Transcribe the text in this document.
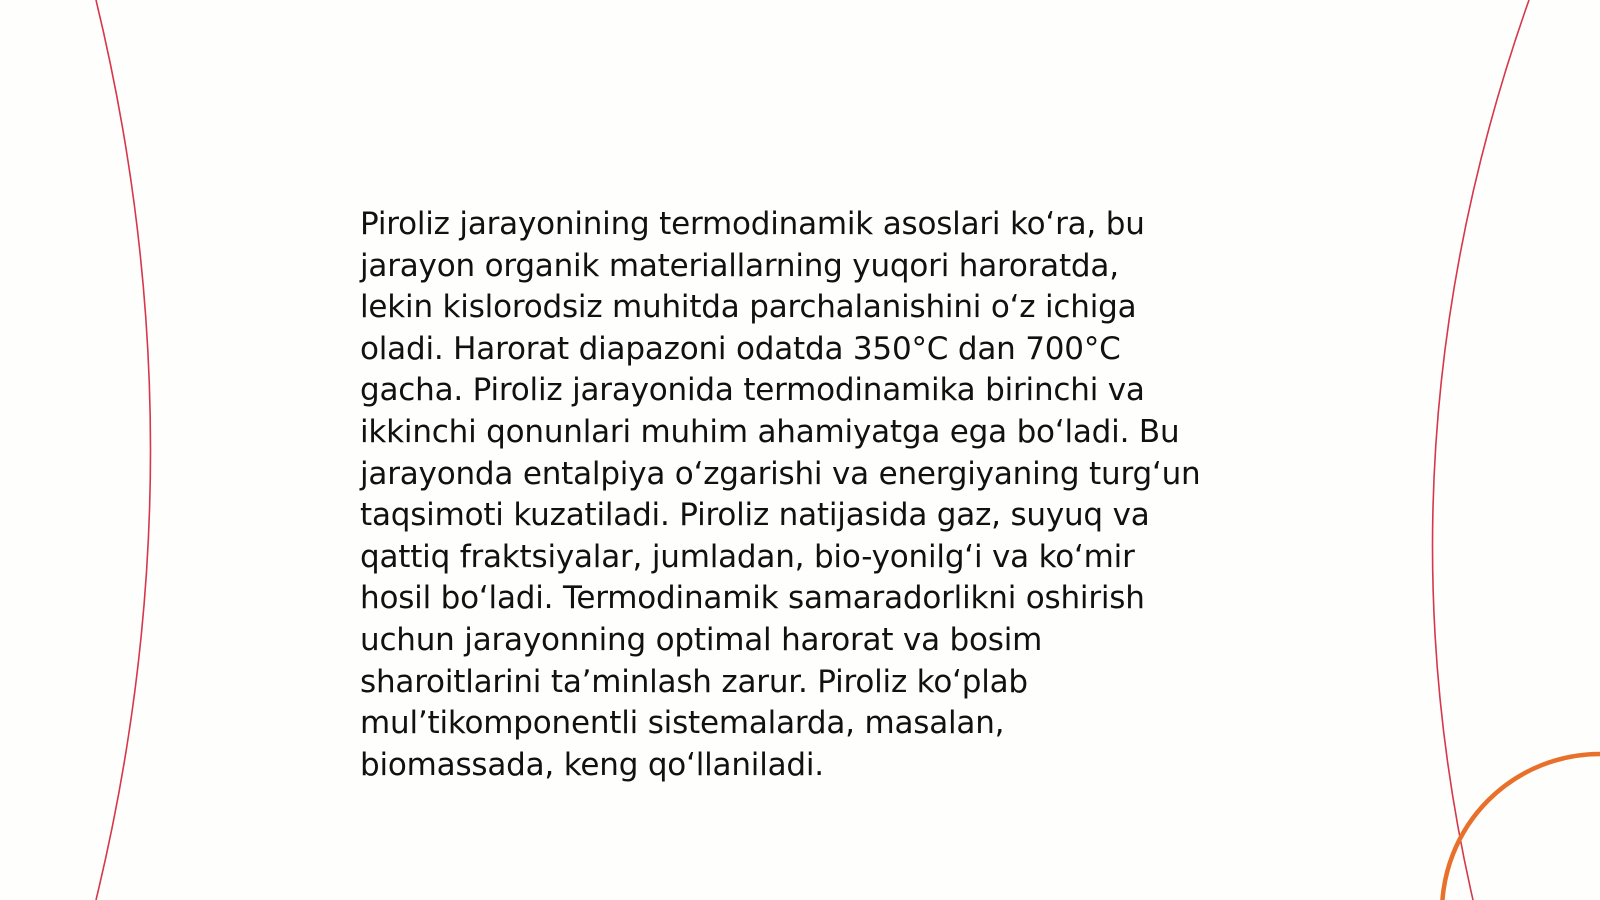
Piroliz jarayonining termodinamik asoslari koʻra, bu
jarayon organik materiallarning yuqori haroratda,
lekin kislorodsiz muhitda parchalanishini oʻz ichiga
oladi. Harorat diapazoni odatda 350°C dan 700°C
gacha. Piroliz jarayonida termodinamika birinchi va
ikkinchi qonunlari muhim ahamiyatga ega boʻladi. Bu
jarayonda entalpiya oʻzgarishi va energiyaning turgʻun
taqsimoti kuzatiladi. Piroliz natijasida gaz, suyuq va
qattiq fraktsiyalar, jumladan, bio-yonilgʻi va koʻmir
hosil boʻladi. Termodinamik samaradorlikni oshirish
uchun jarayonning optimal harorat va bosim
sharoitlarini taʼminlash zarur. Piroliz koʻplab
mulʼtikomponentli sistemalarda, masalan,
biomassada, keng qoʻllaniladi.
